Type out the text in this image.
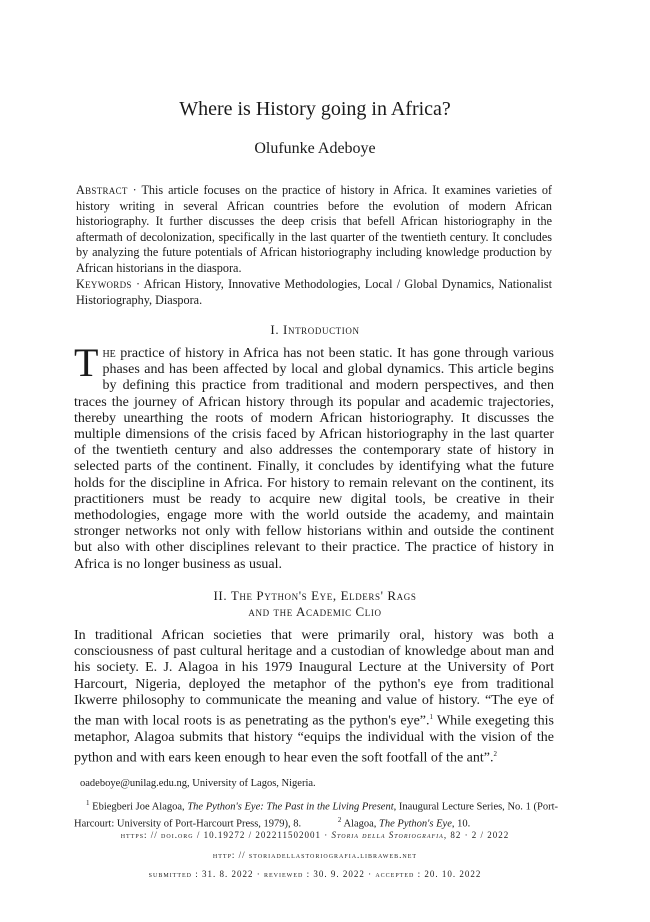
Where is History going in Africa?
Olufunke Adeboye
Abstract · This article focuses on the practice of history in Africa. It examines varieties of history writing in several African countries before the evolution of modern African historiography. It further discusses the deep crisis that befell African historiography in the aftermath of decolonization, specifically in the last quarter of the twentieth century. It concludes by analyzing the future potentials of African historiography including knowledge production by African historians in the diaspora.
Keywords · African History, Innovative Methodologies, Local / Global Dynamics, Nationalist Historiography, Diaspora.
I. Introduction
The practice of history in Africa has not been static. It has gone through various phases and has been affected by local and global dynamics. This article begins by defining this practice from traditional and modern perspectives, and then traces the journey of African history through its popular and academic trajectories, thereby unearthing the roots of modern African historiography. It discusses the multiple dimensions of the crisis faced by African historiography in the last quarter of the twentieth century and also addresses the contemporary state of history in selected parts of the continent. Finally, it concludes by identifying what the future holds for the discipline in Africa. For history to remain relevant on the continent, its practitioners must be ready to acquire new digital tools, be creative in their methodologies, engage more with the world outside the academy, and maintain stronger networks not only with fellow historians within and outside the continent but also with other disciplines relevant to their practice. The practice of history in Africa is no longer business as usual.
II. The Python's Eye, Elders' Rags
and the Academic Clio
In traditional African societies that were primarily oral, history was both a consciousness of past cultural heritage and a custodian of knowledge about man and his society. E. J. Alagoa in his 1979 Inaugural Lecture at the University of Port Harcourt, Nigeria, deployed the metaphor of the python's eye from traditional Ikwerre philosophy to communicate the meaning and value of history. “The eye of the man with local roots is as penetrating as the python's eye”.$^1$ While exegeting this metaphor, Alagoa submits that history “equips the individual with the vision of the python and with ears keen enough to hear even the soft footfall of the ant”.$^2$
oadeboye@unilag.edu.ng, University of Lagos, Nigeria.
$^1$ Ebiegberi Joe Alagoa, The Python's Eye: The Past in the Living Present, Inaugural Lecture Series, No. 1 (Port-Harcourt: University of Port-Harcourt Press, 1979), 8.	$^2$ Alagoa, The Python's Eye, 10.
https: // doi.org / 10.19272 / 202211502001 · Storia della Storiografia, 82 · 2 / 2022
http: // storiadellastoriografia.libraweb.net
submitted : 31. 8. 2022 · reviewed : 30. 9. 2022 · accepted : 20. 10. 2022
